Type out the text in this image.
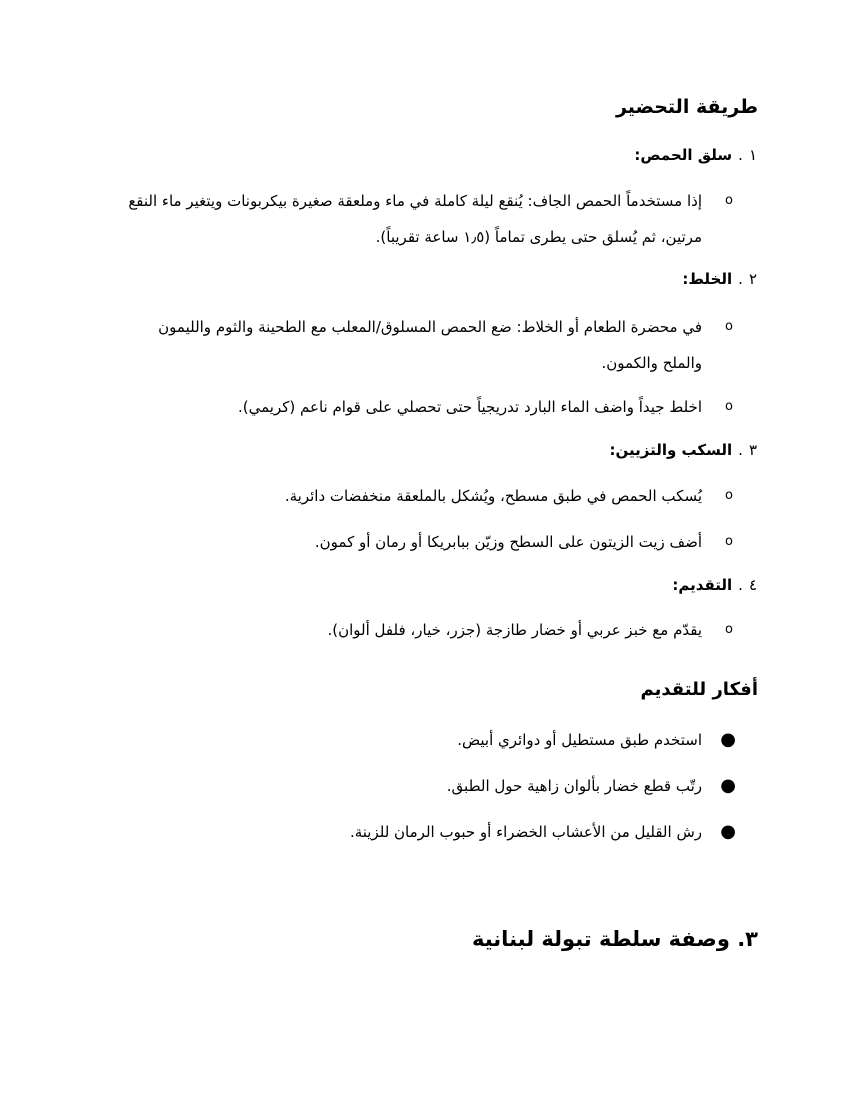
طريقة التحضير
١
.
سلق الحمص:
o
إذا مستخدماً الحمص الجاف: يُنقع ليلة كاملة في ماء وملعقة صغيرة بيكربونات ويتغير ماء النقع مرتين، ثم يُسلق حتى يطرى تماماً (١٫٥ ساعة تقريباً).
٢
.
الخلط:
o
في محضرة الطعام أو الخلاط: ضع الحمص المسلوق/المعلب مع الطحينة والثوم والليمون والملح والكمون.
o
اخلط جيداً واضف الماء البارد تدريجياً حتى تحصلي على قوام ناعم (كريمي).
٣
.
السكب والتزيين:
o
يُسكب الحمص في طبق مسطح، ويُشكل بالملعقة منخفضات دائرية.
o
أضف زيت الزيتون على السطح وزيّن ببابريكا أو رمان أو كمون.
٤
.
التقديم:
o
يقدّم مع خبز عربي أو خضار طازجة (جزر، خيار، فلفل ألوان).
أفكار للتقديم
●
استخدم طبق مستطيل أو دوائري أبيض.
●
رتّب قطع خضار بألوان زاهية حول الطبق.
●
رش القليل من الأعشاب الخضراء أو حبوب الرمان للزينة.
٣. وصفة سلطة تبولة لبنانية
